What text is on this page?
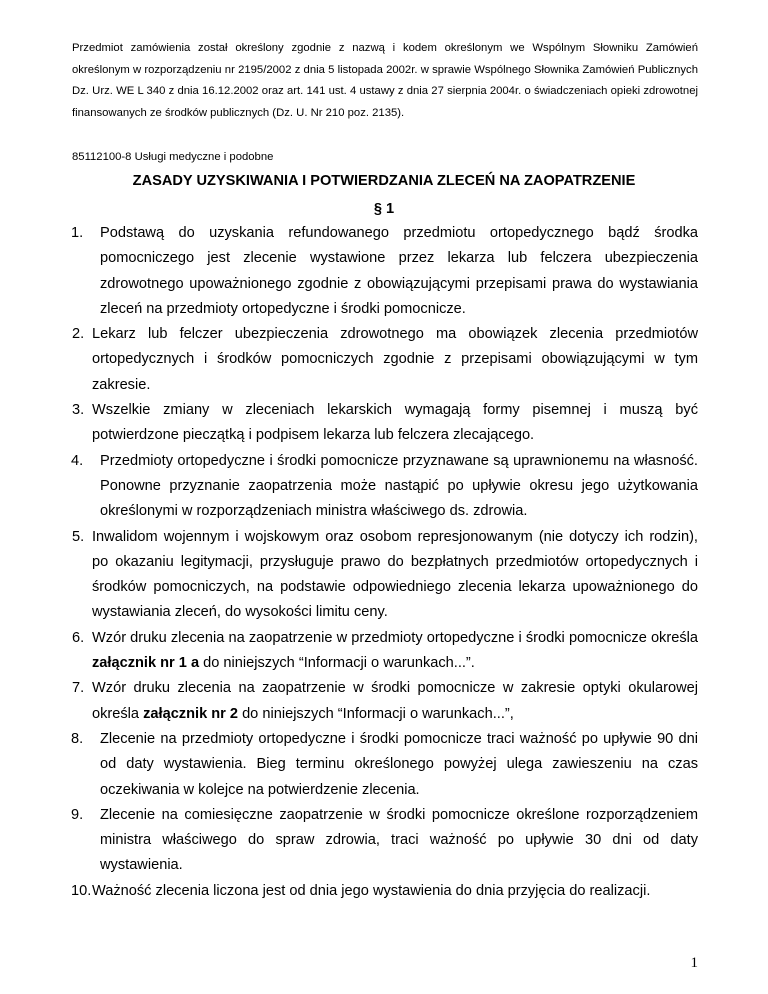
Przedmiot zamówienia został określony zgodnie z nazwą i kodem określonym we Wspólnym Słowniku Zamówień określonym w rozporządzeniu nr 2195/2002 z dnia 5 listopada 2002r. w sprawie Wspólnego Słownika Zamówień Publicznych Dz. Urz. WE L 340 z dnia 16.12.2002 oraz art. 141 ust. 4 ustawy z dnia 27 sierpnia 2004r. o świadczeniach opieki zdrowotnej finansowanych ze środków publicznych (Dz. U. Nr 210 poz. 2135).
85112100-8 Usługi medyczne i podobne
ZASADY UZYSKIWANIA I POTWIERDZANIA ZLECEŃ NA ZAOPATRZENIE
§ 1
1. Podstawą do uzyskania refundowanego przedmiotu ortopedycznego bądź środka pomocniczego jest zlecenie wystawione przez lekarza lub felczera ubezpieczenia zdrowotnego upoważnionego zgodnie z obowiązującymi przepisami prawa do wystawiania zleceń na przedmioty ortopedyczne i środki pomocnicze.
2. Lekarz lub felczer ubezpieczenia zdrowotnego ma obowiązek zlecenia przedmiotów ortopedycznych i środków pomocniczych zgodnie z przepisami obowiązującymi w tym zakresie.
3. Wszelkie zmiany w zleceniach lekarskich wymagają formy pisemnej i muszą być potwierdzone pieczątką i podpisem lekarza lub felczera zlecającego.
4. Przedmioty ortopedyczne i środki pomocnicze przyznawane są uprawnionemu na własność. Ponowne przyznanie zaopatrzenia może nastąpić po upływie okresu jego użytkowania określonymi w rozporządzeniach ministra właściwego ds. zdrowia.
5. Inwalidom wojennym i wojskowym oraz osobom represjonowanym (nie dotyczy ich rodzin), po okazaniu legitymacji, przysługuje prawo do bezpłatnych przedmiotów ortopedycznych i środków pomocniczych, na podstawie odpowiedniego zlecenia lekarza upoważnionego do wystawiania zleceń, do wysokości limitu ceny.
6. Wzór druku zlecenia na zaopatrzenie w przedmioty ortopedyczne i środki pomocnicze określa załącznik nr 1 a do niniejszych “Informacji o warunkach...”.
7. Wzór druku zlecenia na zaopatrzenie w środki pomocnicze w zakresie optyki okularowej określa załącznik nr 2 do niniejszych “Informacji o warunkach...”,
8. Zlecenie na przedmioty ortopedyczne i środki pomocnicze traci ważność po upływie 90 dni od daty wystawienia. Bieg terminu określonego powyżej ulega zawieszeniu na czas oczekiwania w kolejce na potwierdzenie zlecenia.
9. Zlecenie na comiesięczne zaopatrzenie w środki pomocnicze określone rozporządzeniem ministra właściwego do spraw zdrowia, traci ważność po upływie 30 dni od daty wystawienia.
10. Ważność zlecenia liczona jest od dnia jego wystawienia do dnia przyjęcia do realizacji.
1
